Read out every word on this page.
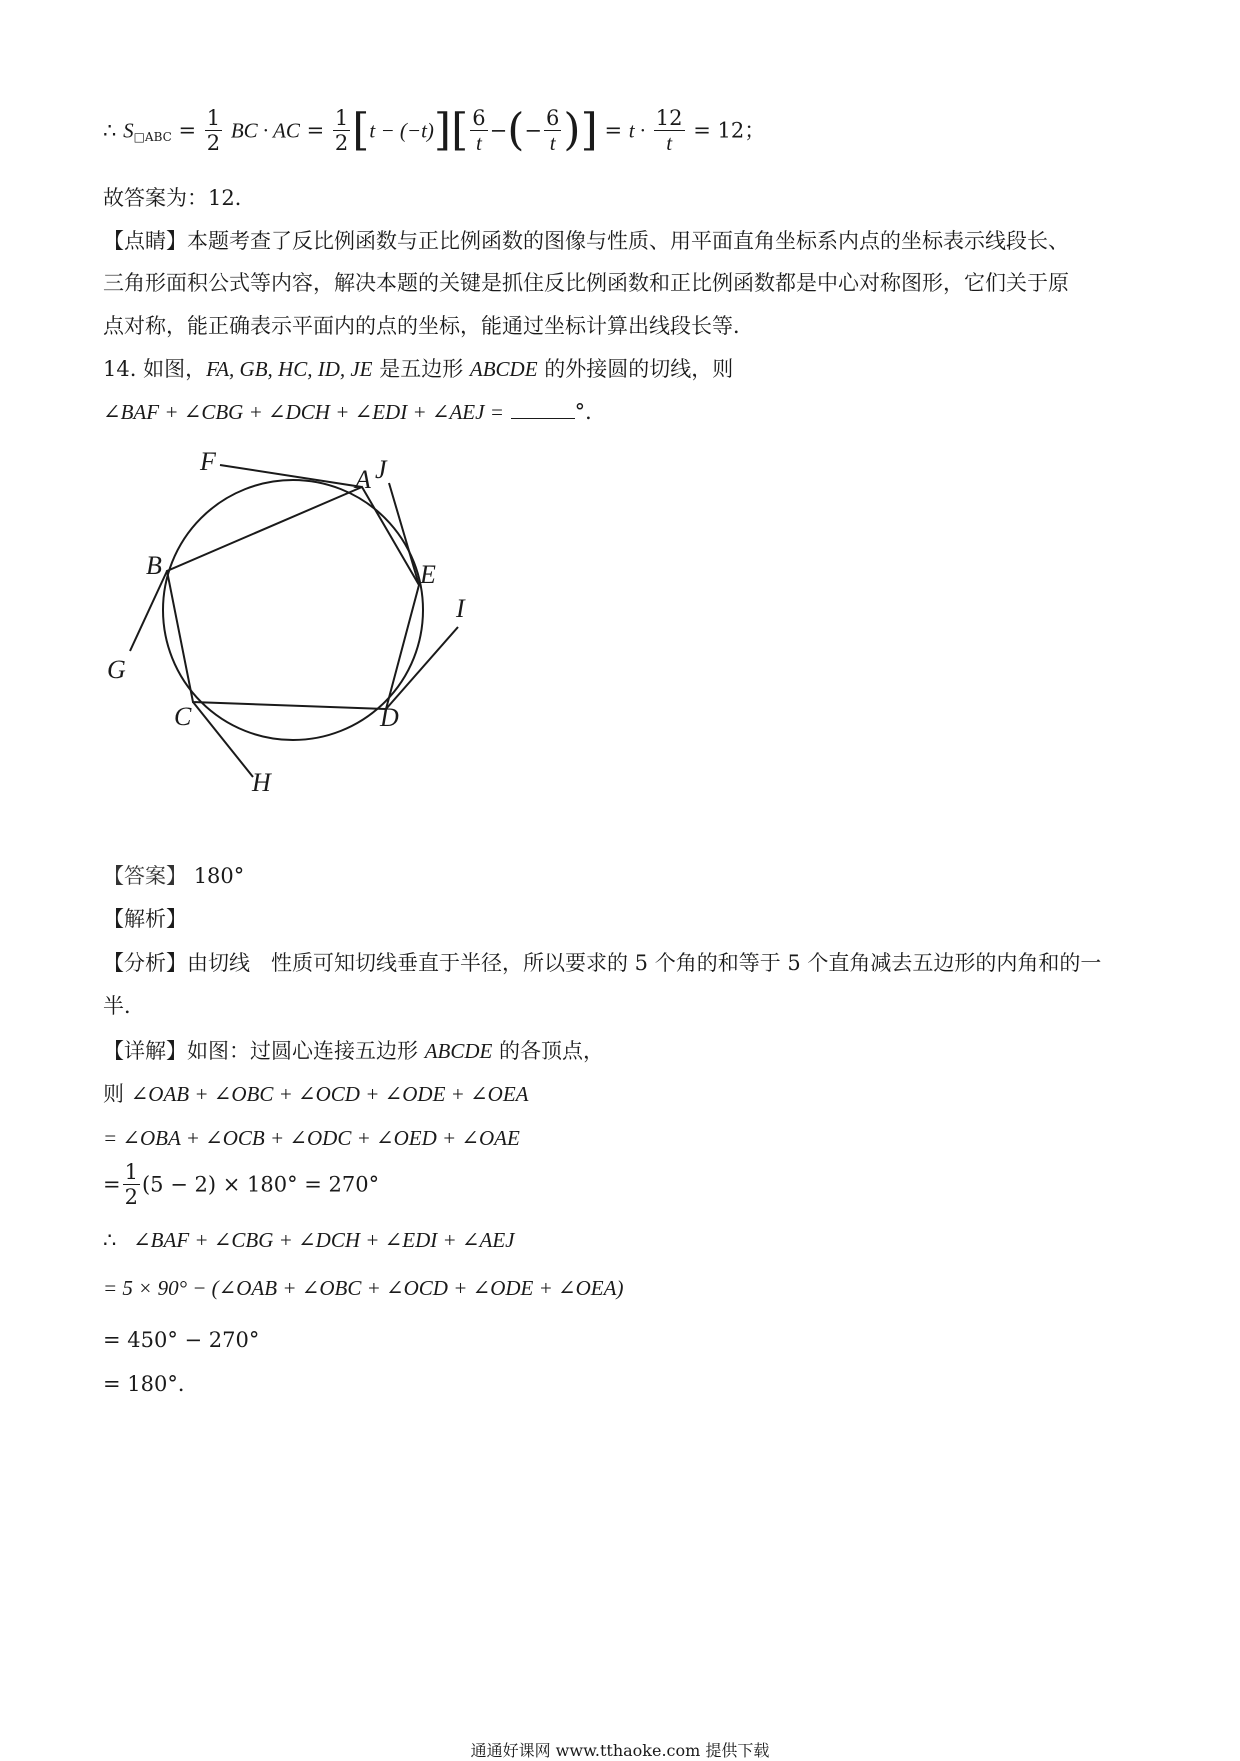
∴ $S_{□ABC} = \frac{1}{2}$ BC · AC = $\frac{1}{2} [t - (-t)][ \frac{6}{t}$ −(− $\frac{6}{t}$ )] = $t \cdot \frac{12}{t} = 12$；
故答案为：12．
【点睛】本题考查了反比例函数与正比例函数的图像与性质、用平面直角坐标系内点的坐标表示线段长、
三角形面积公式等内容，解决本题的关键是抓住反比例函数和正比例函数都是中心对称图形，它们关于原
点对称，能正确表示平面内的点的坐标，能通过坐标计算出线段长等．
14. 如图，FA, GB, HC, ID, JE 是五边形 ABCDE 的外接圆的切线，则
∠BAF + ∠CBG + ∠DCH + ∠EDI + ∠AEJ =	°．
F
A J
B	E
I
G
C	D
H
【答案】 180°
【解析】
【分析】由切线　性质可知切线垂直于半径，所以要求的 5 个角的和等于 5 个直角减去五边形的内角和的一
半．
【详解】如图：过圆心连接五边形 ABCDE 的各顶点，
则 ∠OAB + ∠OBC + ∠OCD + ∠ODE + ∠OEA
= ∠OBA + ∠OCB + ∠ODC + ∠OED + ∠OAE
= $\frac{1}{2} (5 - 2) \times 180^\circ = 270^\circ$
∴ ∠BAF + ∠CBG + ∠DCH + ∠EDI + ∠AEJ
= 5 × 90° − (∠OAB + ∠OBC + ∠OCD + ∠ODE + ∠OEA)
= 450° − 270°
= 180°．
通通好课网 www.tthaoke.com 提供下载
